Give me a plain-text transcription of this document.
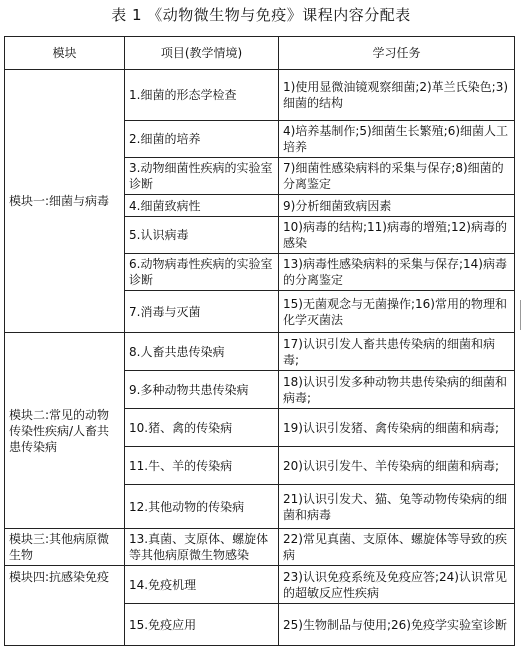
表 1 《动物微生物与免疫》课程内容分配表
模块	项目(教学情境)	学习任务
模块一:细菌与病毒	1.细菌的形态学检查	1)使用显微油镜观察细菌;2)革兰氏染色;3)细菌的结构
	2.细菌的培养	4)培养基制作;5)细菌生长繁殖;6)细菌人工培养
	3.动物细菌性疾病的实验室诊断	7)细菌性感染病料的采集与保存;8)细菌的分离鉴定
	4.细菌致病性	9)分析细菌致病因素
	5.认识病毒	10)病毒的结构;11)病毒的增殖;12)病毒的感染
	6.动物病毒性疾病的实验室诊断	13)病毒性感染病料的采集与保存;14)病毒的分离鉴定
	7.消毒与灭菌	15)无菌观念与无菌操作;16)常用的物理和化学灭菌法
模块二:常见的动物传染性疾病/人畜共患传染病	8.人畜共患传染病	17)认识引发人畜共患传染病的细菌和病毒;
	9.多种动物共患传染病	18)认识引发多种动物共患传染病的细菌和病毒;
	10.猪、禽的传染病	19)认识引发猪、禽传染病的细菌和病毒;
	11.牛、羊的传染病	20)认识引发牛、羊传染病的细菌和病毒;
	12.其他动物的传染病	21)认识引发犬、猫、兔等动物传染病的细菌和病毒
模块三:其他病原微生物	13.真菌、支原体、螺旋体等其他病原微生物感染	22)常见真菌、支原体、螺旋体等导致的疾病
模块四:抗感染免疫	14.免疫机理	23)认识免疫系统及免疫应答;24)认识常见的超敏反应性疾病
	15.免疫应用	25)生物制品与使用;26)免疫学实验室诊断
